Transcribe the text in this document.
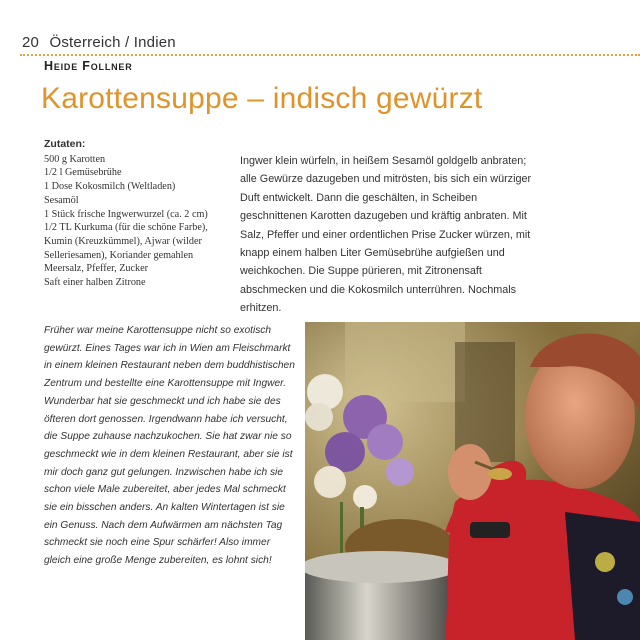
20 Österreich / Indien
Heide Follner
Karottensuppe – indisch gewürzt
Zutaten:
500 g Karotten
1/2 l Gemüsebrühe
1 Dose Kokosmilch (Weltladen)
Sesamöl
1 Stück frische Ingwerwurzel (ca. 2 cm)
1/2 TL Kurkuma (für die schöne Farbe),
Kumin (Kreuzkümmel), Ajwar (wilder
Selleriesamen), Koriander gemahlen
Meersalz, Pfeffer, Zucker
Saft einer halben Zitrone
Ingwer klein würfeln, in heißem Sesamöl goldgelb anbraten; alle Gewürze dazugeben und mitrösten, bis sich ein würziger Duft entwickelt. Dann die geschälten, in Scheiben geschnittenen Karotten dazugeben und kräftig anbraten. Mit Salz, Pfeffer und einer ordentlichen Prise Zucker würzen, mit knapp einem halben Liter Gemüsebrühe aufgießen und weichkochen. Die Suppe pürieren, mit Zitronensaft abschmecken und die Kokosmilch unterrühren. Nochmals erhitzen.
Früher war meine Karottensuppe nicht so exotisch gewürzt. Eines Tages war ich in Wien am Fleischmarkt in einem kleinen Restaurant neben dem buddhistischen Zentrum und bestellte eine Karottensuppe mit Ingwer. Wunderbar hat sie geschmeckt und ich habe sie des öfteren dort genossen. Irgendwann habe ich versucht, die Suppe zuhause nachzukochen. Sie hat zwar nie so geschmeckt wie in dem kleinen Restaurant, aber sie ist mir doch ganz gut gelungen. Inzwischen habe ich sie schon viele Male zubereitet, aber jedes Mal schmeckt sie ein bisschen anders. An kalten Wintertagen ist sie ein Genuss. Nach dem Aufwärmen am nächsten Tag schmeckt sie noch eine Spur schärfer! Also immer gleich eine große Menge zubereiten, es lohnt sich!
